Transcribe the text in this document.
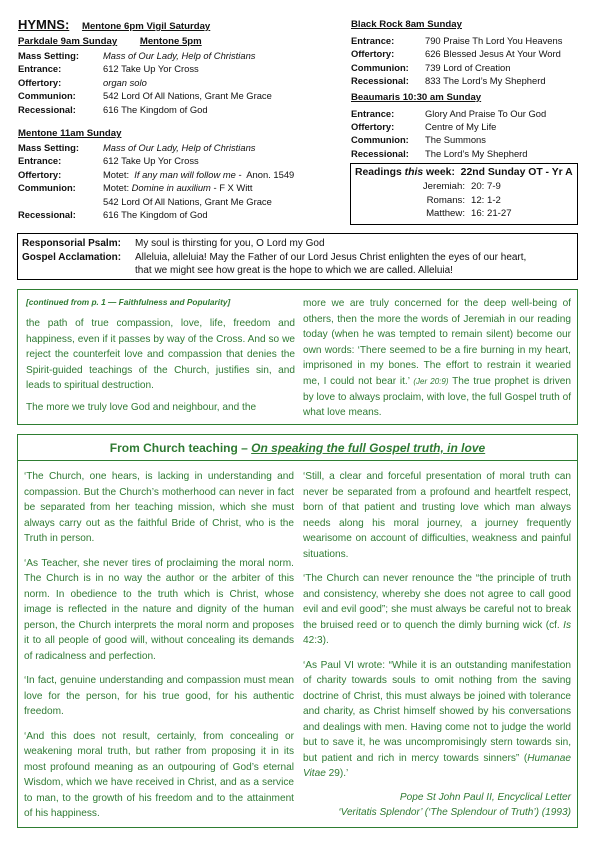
HYMNS: Mentone 6pm Vigil Saturday
Parkdale 9am Sunday Mentone 5pm
Mass Setting:	Mass of Our Lady, Help of Christians
Entrance:	612 Take Up Yor Cross
Offertory:	organ solo
Communion:	542 Lord Of All Nations, Grant Me Grace
Recessional:	616 The Kingdom of God
Mentone 11am Sunday
Mass Setting:	Mass of Our Lady, Help of Christians
Entrance:	612 Take Up Yor Cross
Offertory:	Motet:  If any man will follow me -  Anon. 1549
Communion:	Motet: Domine in auxilium - F X Witt
542 Lord Of All Nations, Grant Me Grace
Recessional:	616 The Kingdom of God
Black Rock 8am Sunday
Entrance:	790 Praise Th Lord You Heavens
Offertory:	626 Blessed Jesus At Your Word
Communion:	739 Lord of Creation
Recessional:	833 The Lord’s My Shepherd
Beaumaris 10:30 am Sunday
Entrance:	Glory And Praise To Our God
Offertory:	Centre of My Life
Communion:	The Summons
Recessional:	The Lord’s My Shepherd
Readings this week:  22nd Sunday OT - Yr A
Jeremiah: 20: 7-9
Romans: 12: 1-2
Matthew: 16: 21-27
Responsorial Psalm:	My soul is thirsting for you, O Lord my God
Gospel Acclamation:	Alleluia, alleluia! May the Father of our Lord Jesus Christ enlighten the eyes of our heart,
that we might see how great is the hope to which we are called. Alleluia!

[continued from p. 1 — Faithfulness and Popularity]

the path of true compassion, love, life, freedom and happiness, even if it passes by way of the Cross. And so we reject the counterfeit love and compassion that denies the Spirit-guided teachings of the Church, justifies sin, and leads to spiritual destruction.

The more we truly love God and neighbour, and the

more we are truly concerned for the deep well-being of others, then the more the words of Jeremiah in our reading today (when he was tempted to remain silent) become our own words: ‘There seemed to be a fire burning in my heart, imprisoned in my bones. The effort to restrain it wearied me, I could not bear it.’ (Jer 20:9) The true prophet is driven by love to always proclaim, with love, the full Gospel truth of what love means.

From Church teaching – On speaking the full Gospel truth, in love

‘The Church, one hears, is lacking in understanding and compassion. But the Church’s motherhood can never in fact be separated from her teaching mission, which she must always carry out as the faithful Bride of Christ, who is the Truth in person.

‘As Teacher, she never tires of proclaiming the moral norm. The Church is in no way the author or the arbiter of this norm. In obedience to the truth which is Christ, whose image is reflected in the nature and dignity of the human person, the Church interprets the moral norm and proposes it to all people of good will, without concealing its demands of radicalness and perfection.

‘In fact, genuine understanding and compassion must mean love for the person, for his true good, for his authentic freedom.

‘And this does not result, certainly, from concealing or weakening moral truth, but rather from proposing it in its most profound meaning as an outpouring of God’s eternal Wisdom, which we have received in Christ, and as a service to man, to the growth of his freedom and to the attainment of his happiness.

‘Still, a clear and forceful presentation of moral truth can never be separated from a profound and heartfelt respect, born of that patient and trusting love which man always needs along his moral journey, a journey frequently wearisome on account of difficulties, weakness and painful situations.

‘The Church can never renounce the “the principle of truth and consistency, whereby she does not agree to call good evil and evil good”; she must always be careful not to break the bruised reed or to quench the dimly burning wick (cf. Is 42:3).

‘As Paul VI wrote: “While it is an outstanding manifestation of charity towards souls to omit nothing from the saving doctrine of Christ, this must always be joined with tolerance and charity, as Christ himself showed by his conversations and dealings with men. Having come not to judge the world but to save it, he was uncompromisingly stern towards sin, but patient and rich in mercy towards sinners” (Humanae Vitae 29).’

Pope St John Paul II, Encyclical Letter

‘Veritatis Splendor’ (‘The Splendour of Truth’) (1993)
